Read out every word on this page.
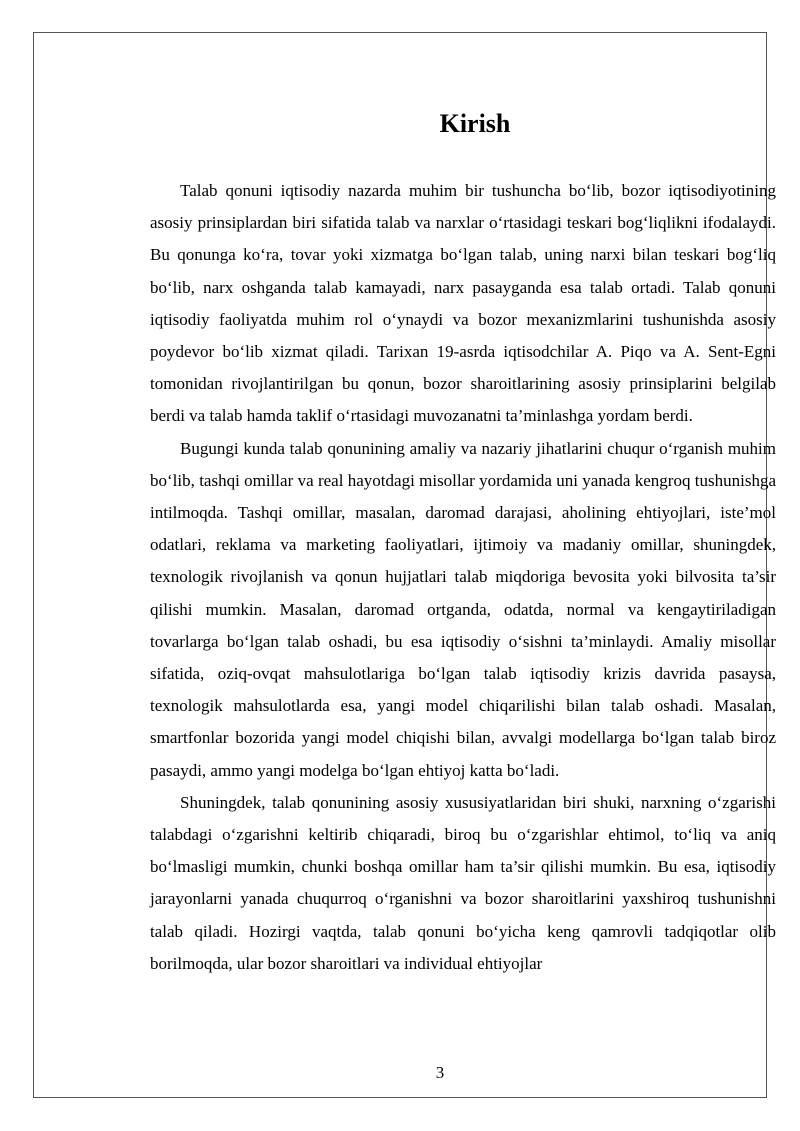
Kirish

Talab qonuni iqtisodiy nazarda muhim bir tushuncha bo‘lib, bozor iqtisodiyotining asosiy prinsiplardan biri sifatida talab va narxlar o‘rtasidagi teskari bog‘liqlikni ifodalaydi. Bu qonunga ko‘ra, tovar yoki xizmatga bo‘lgan talab, uning narxi bilan teskari bog‘liq bo‘lib, narx oshganda talab kamayadi, narx pasayganda esa talab ortadi. Talab qonuni iqtisodiy faoliyatda muhim rol o‘ynaydi va bozor mexanizmlarini tushunishda asosiy poydevor bo‘lib xizmat qiladi. Tarixan 19-asrda iqtisodchilar A. Piqo va A. Sent-Egni tomonidan rivojlantirilgan bu qonun, bozor sharoitlarining asosiy prinsiplarini belgilab berdi va talab hamda taklif o‘rtasidagi muvozanatni ta’minlashga yordam berdi.

Bugungi kunda talab qonunining amaliy va nazariy jihatlarini chuqur o‘rganish muhim bo‘lib, tashqi omillar va real hayotdagi misollar yordamida uni yanada kengroq tushunishga intilmoqda. Tashqi omillar, masalan, daromad darajasi, aholining ehtiyojlari, iste’mol odatlari, reklama va marketing faoliyatlari, ijtimoiy va madaniy omillar, shuningdek, texnologik rivojlanish va qonun hujjatlari talab miqdoriga bevosita yoki bilvosita ta’sir qilishi mumkin. Masalan, daromad ortganda, odatda, normal va kengaytiriladigan tovarlarga bo‘lgan talab oshadi, bu esa iqtisodiy o‘sishni ta’minlaydi. Amaliy misollar sifatida, oziq-ovqat mahsulotlariga bo‘lgan talab iqtisodiy krizis davrida pasaysa, texnologik mahsulotlarda esa, yangi model chiqarilishi bilan talab oshadi. Masalan, smartfonlar bozorida yangi model chiqishi bilan, avvalgi modellarga bo‘lgan talab biroz pasaydi, ammo yangi modelga bo‘lgan ehtiyoj katta bo‘ladi.

Shuningdek, talab qonunining asosiy xususiyatlaridan biri shuki, narxning o‘zgarishi talabdagi o‘zgarishni keltirib chiqaradi, biroq bu o‘zgarishlar ehtimol, to‘liq va aniq bo‘lmasligi mumkin, chunki boshqa omillar ham ta’sir qilishi mumkin. Bu esa, iqtisodiy jarayonlarni yanada chuqurroq o‘rganishni va bozor sharoitlarini yaxshiroq tushunishni talab qiladi. Hozirgi vaqtda, talab qonuni bo‘yicha keng qamrovli tadqiqotlar olib borilmoqda, ular bozor sharoitlari va individual ehtiyojlar

3
